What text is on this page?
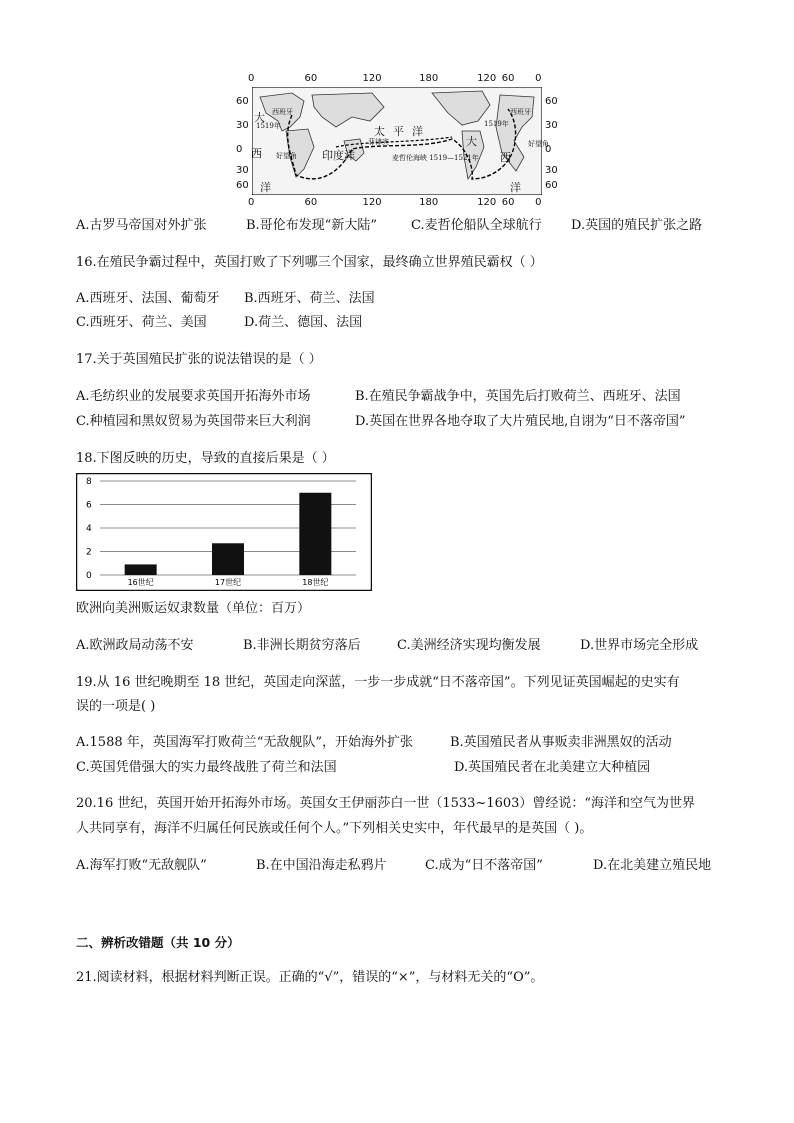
大
西
洋
西班牙
1519年
好望角 印度洋
太平洋
菲律宾
麦哲伦海峡 1519—1521年
大
西
洋
1519年
西班牙
好望角
0	60	120	180	120 60 0
0	60	120	180	120 60 0
60
30
0
30
60
60
30
0
30
60
A.古罗马帝国对外扩张	B.哥伦布发现“新大陆”	C.麦哲伦船队全球航行 D.英国的殖民扩张之路
16.在殖民争霸过程中，英国打败了下列哪三个国家，最终确立世界殖民霸权（ ）
A.西班牙、法国、葡萄牙 B.西班牙、荷兰、法国
C.西班牙、荷兰、美国	D.荷兰、德国、法国
17.关于英国殖民扩张的说法错误的是（ ）
A.毛纺织业的发展要求英国开拓海外市场	B.在殖民争霸战争中，英国先后打败荷兰、西班牙、法国
C.种植园和黑奴贸易为英国带来巨大利润	D.英国在世界各地夺取了大片殖民地,自诩为“日不落帝国”
18.下图反映的历史，导致的直接后果是（ ）
0
2
4
6
8
16世纪	17世纪	18世纪
欧洲向美洲贩运奴隶数量（单位：百万）
A.欧洲政局动荡不安	B.非洲长期贫穷落后	C.美洲经济实现均衡发展	D.世界市场完全形成
19.从 16 世纪晚期至 18 世纪，英国走向深蓝，一步一步成就“日不落帝国”。下列见证英国崛起的史实有
误的一项是( )
A.1588 年，英国海军打败荷兰“无敌舰队”，开始海外扩张	B.英国殖民者从事贩卖非洲黑奴的活动
C.英国凭借强大的实力最终战胜了荷兰和法国	D.英国殖民者在北美建立大种植园
20.16 世纪，英国开始开拓海外市场。英国女王伊丽莎白一世（1533~1603）曾经说：“海洋和空气为世界
人共同享有，海洋不归属任何民族或任何个人。”下列相关史实中，年代最早的是英国（ )。
A.海军打败“无敌舰队”	B.在中国沿海走私鸦片	C.成为“日不落帝国”	D.在北美建立殖民地
二、辨析改错题（共 10 分）
21.阅读材料，根据材料判断正误。正确的“√”，错误的“×”，与材料无关的“O”。
